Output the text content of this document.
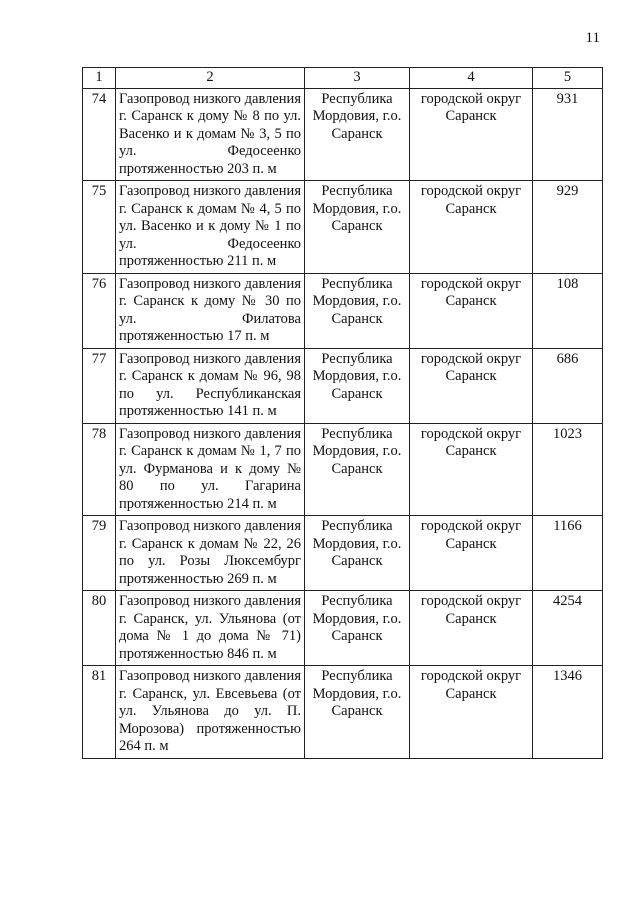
11
1	2	3	4	5
74	Газопровод низкого давления г. Саранск к дому № 8 по ул. Васенко и к домам № 3, 5 по ул. Федосеенко протяженностью 203 п. м	Республика Мордовия, г.о. Саранск	городской округ Саранск	931
75	Газопровод низкого давления г. Саранск к домам № 4, 5 по ул. Васенко и к дому № 1 по ул. Федосеенко протяженностью 211 п. м	Республика Мордовия, г.о. Саранск	городской округ Саранск	929
76	Газопровод низкого давления г. Саранск к дому № 30 по ул. Филатова протяженностью 17 п. м	Республика Мордовия, г.о. Саранск	городской округ Саранск	108
77	Газопровод низкого давления г. Саранск к домам № 96, 98 по ул. Республиканская протяженностью 141 п. м	Республика Мордовия, г.о. Саранск	городской округ Саранск	686
78	Газопровод низкого давления г. Саранск к домам № 1, 7 по ул. Фурманова и к дому № 80 по ул. Гагарина протяженностью 214 п. м	Республика Мордовия, г.о. Саранск	городской округ Саранск	1023
79	Газопровод низкого давления г. Саранск к домам № 22, 26 по ул. Розы Люксембург протяженностью 269 п. м	Республика Мордовия, г.о. Саранск	городской округ Саранск	1166
80	Газопровод низкого давления г. Саранск, ул. Ульянова (от дома № 1 до дома № 71) протяженностью 846 п. м	Республика Мордовия, г.о. Саранск	городской округ Саранск	4254
81	Газопровод низкого давления г. Саранск, ул. Евсевьева (от ул. Ульянова до ул. П. Морозова) протяженностью 264 п. м	Республика Мордовия, г.о. Саранск	городской округ Саранск	1346
